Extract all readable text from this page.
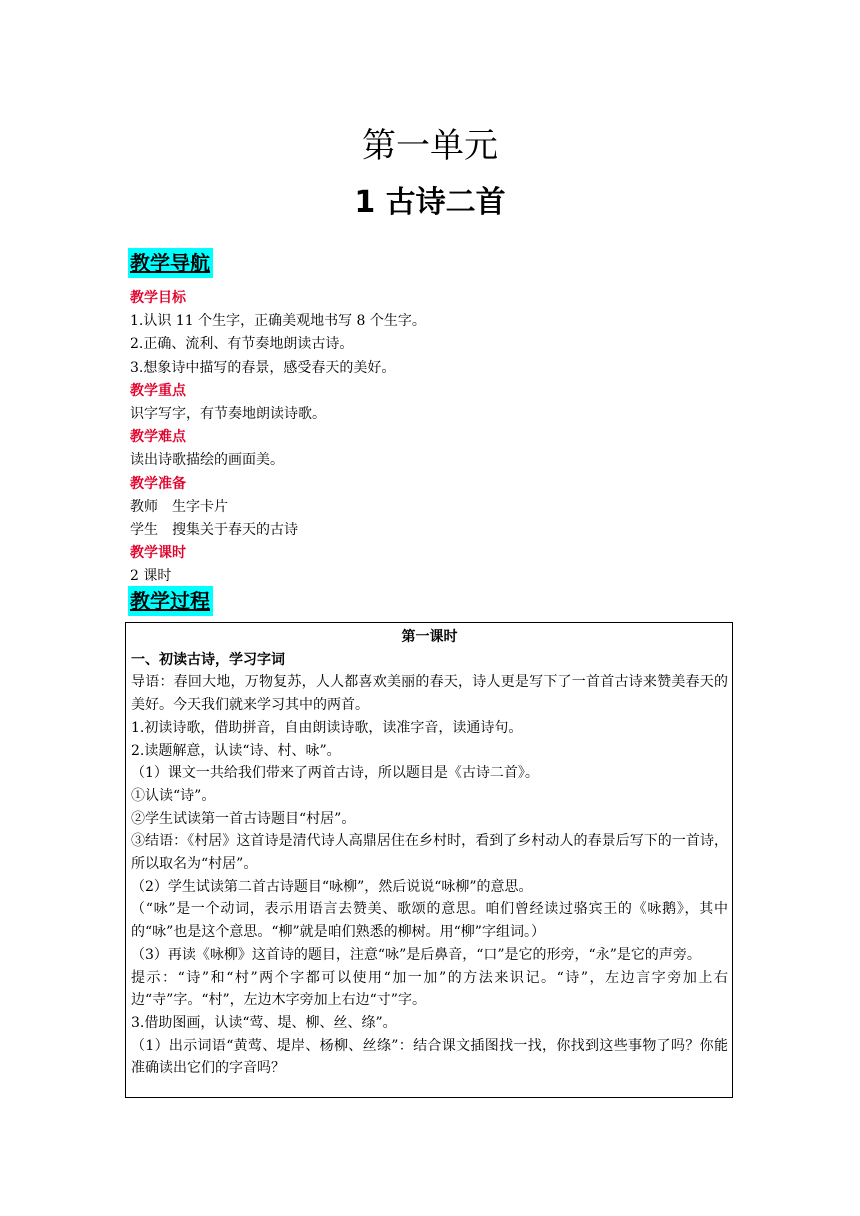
第一单元
1 古诗二首
教学导航
教学目标
1.认识 11 个生字，正确美观地书写 8 个生字。
2.正确、流利、有节奏地朗读古诗。
3.想象诗中描写的春景，感受春天的美好。
教学重点
识字写字，有节奏地朗读诗歌。
教学难点
读出诗歌描绘的画面美。
教学准备
教师　生字卡片
学生　搜集关于春天的古诗
教学课时
2 课时
教学过程
第一课时
一、初读古诗，学习字词
导语：春回大地，万物复苏，人人都喜欢美丽的春天，诗人更是写下了一首首古诗来赞美春天的美好。今天我们就来学习其中的两首。
1.初读诗歌，借助拼音，自由朗读诗歌，读准字音，读通诗句。
2.读题解意，认读“诗、村、咏”。
（1）课文一共给我们带来了两首古诗，所以题目是《古诗二首》。
①认读“诗”。
②学生试读第一首古诗题目“村居”。
③结语：《村居》这首诗是清代诗人高鼎居住在乡村时，看到了乡村动人的春景后写下的一首诗，所以取名为“村居”。
（2）学生试读第二首古诗题目“咏柳”，然后说说“咏柳”的意思。
（“咏”是一个动词，表示用语言去赞美、歌颂的意思。咱们曾经读过骆宾王的《咏鹅》，其中的“咏”也是这个意思。“柳”就是咱们熟悉的柳树。用“柳”字组词。）
（3）再读《咏柳》这首诗的题目，注意“咏”是后鼻音，“口”是它的形旁，“永”是它的声旁。
提示：“诗”和“村”两个字都可以使用“加一加”的方法来识记。“诗”，左边言字旁加上右边“寺”字。“村”，左边木字旁加上右边“寸”字。
3.借助图画，认读“莺、堤、柳、丝、绦”。
（1）出示词语“黄莺、堤岸、杨柳、丝绦”：结合课文插图找一找，你找到这些事物了吗？你能准确读出它们的字音吗？
